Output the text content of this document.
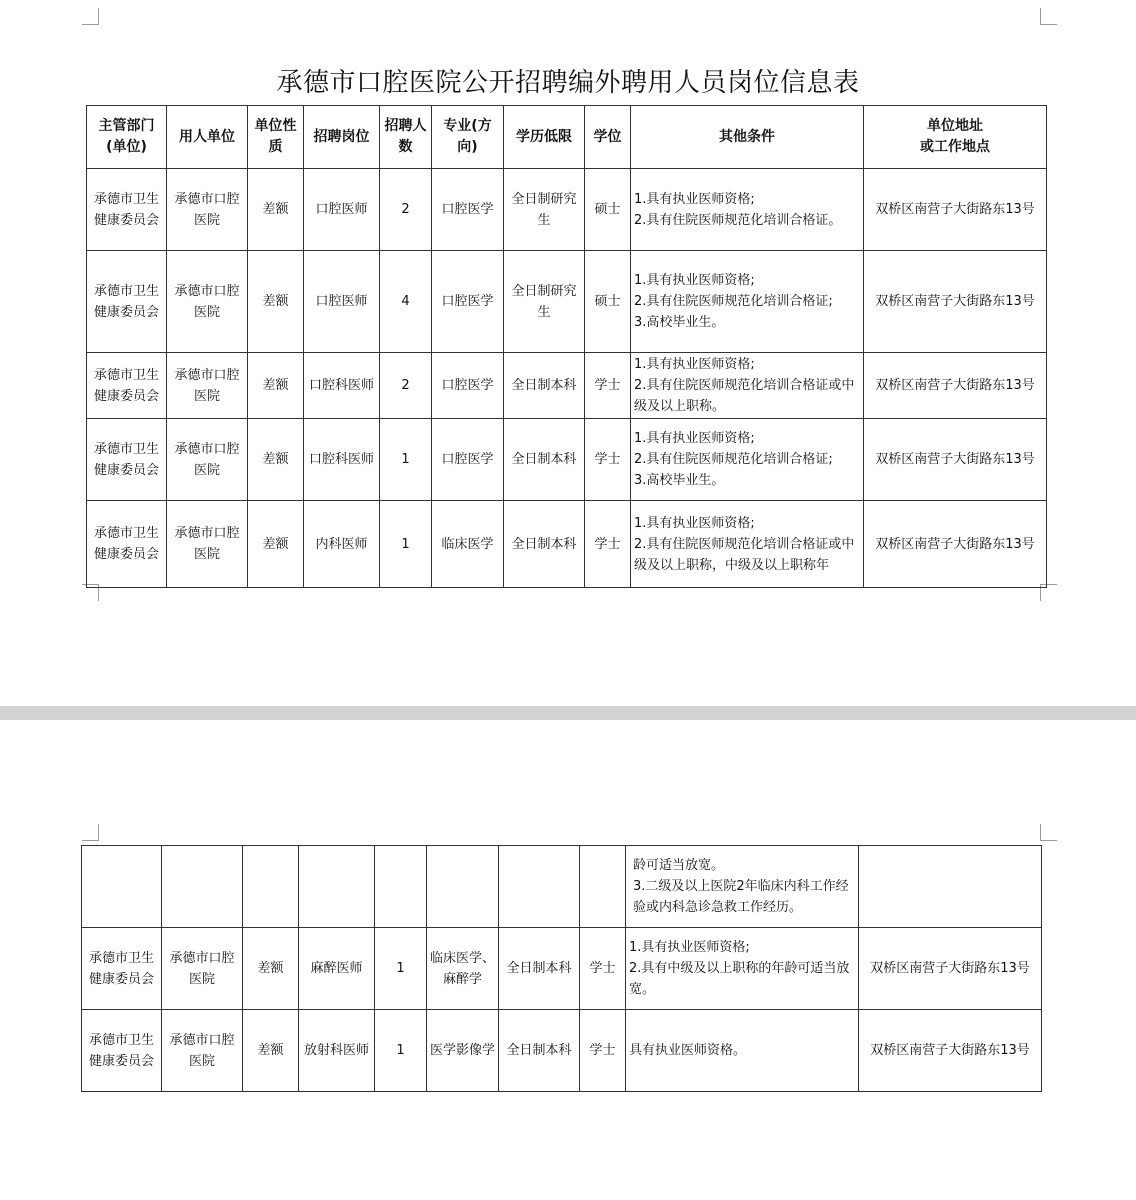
承德市口腔医院公开招聘编外聘用人员岗位信息表
主管部门(单位)	用人单位	单位性质	招聘岗位	招聘人数	专业(方向)	学历低限	学位	其他条件	单位地址
或工作地点
承德市卫生健康委员会	承德市口腔医院	差额	口腔医师	2	口腔医学	全日制研究生	硕士	1.具有执业医师资格;
2.具有住院医师规范化培训合格证。	双桥区南营子大街路东13号
承德市卫生健康委员会	承德市口腔医院	差额	口腔医师	4	口腔医学	全日制研究生	硕士	1.具有执业医师资格;
2.具有住院医师规范化培训合格证;
3.高校毕业生。	双桥区南营子大街路东13号
承德市卫生健康委员会	承德市口腔医院	差额	口腔科医师	2	口腔医学	全日制本科	学士	1.具有执业医师资格;
2.具有住院医师规范化培训合格证或中级及以上职称。	双桥区南营子大街路东13号
承德市卫生健康委员会	承德市口腔医院	差额	口腔科医师	1	口腔医学	全日制本科	学士	1.具有执业医师资格;
2.具有住院医师规范化培训合格证;
3.高校毕业生。	双桥区南营子大街路东13号
承德市卫生健康委员会	承德市口腔医院	差额	内科医师	1	临床医学	全日制本科	学士	1.具有执业医师资格;
2.具有住院医师规范化培训合格证或中级及以上职称，中级及以上职称年	双桥区南营子大街路东13号

								龄可适当放宽。
3.二级及以上医院2年临床内科工作经验或内科急诊急救工作经历。	

承德市卫生健康委员会	承德市口腔医院	差额	麻醉医师	1	临床医学、麻醉学	全日制本科	学士	1.具有执业医师资格;
2.具有中级及以上职称的年龄可适当放宽。	双桥区南营子大街路东13号
承德市卫生健康委员会	承德市口腔医院	差额	放射科医师	1	医学影像学	全日制本科	学士	具有执业医师资格。	双桥区南营子大街路东13号
